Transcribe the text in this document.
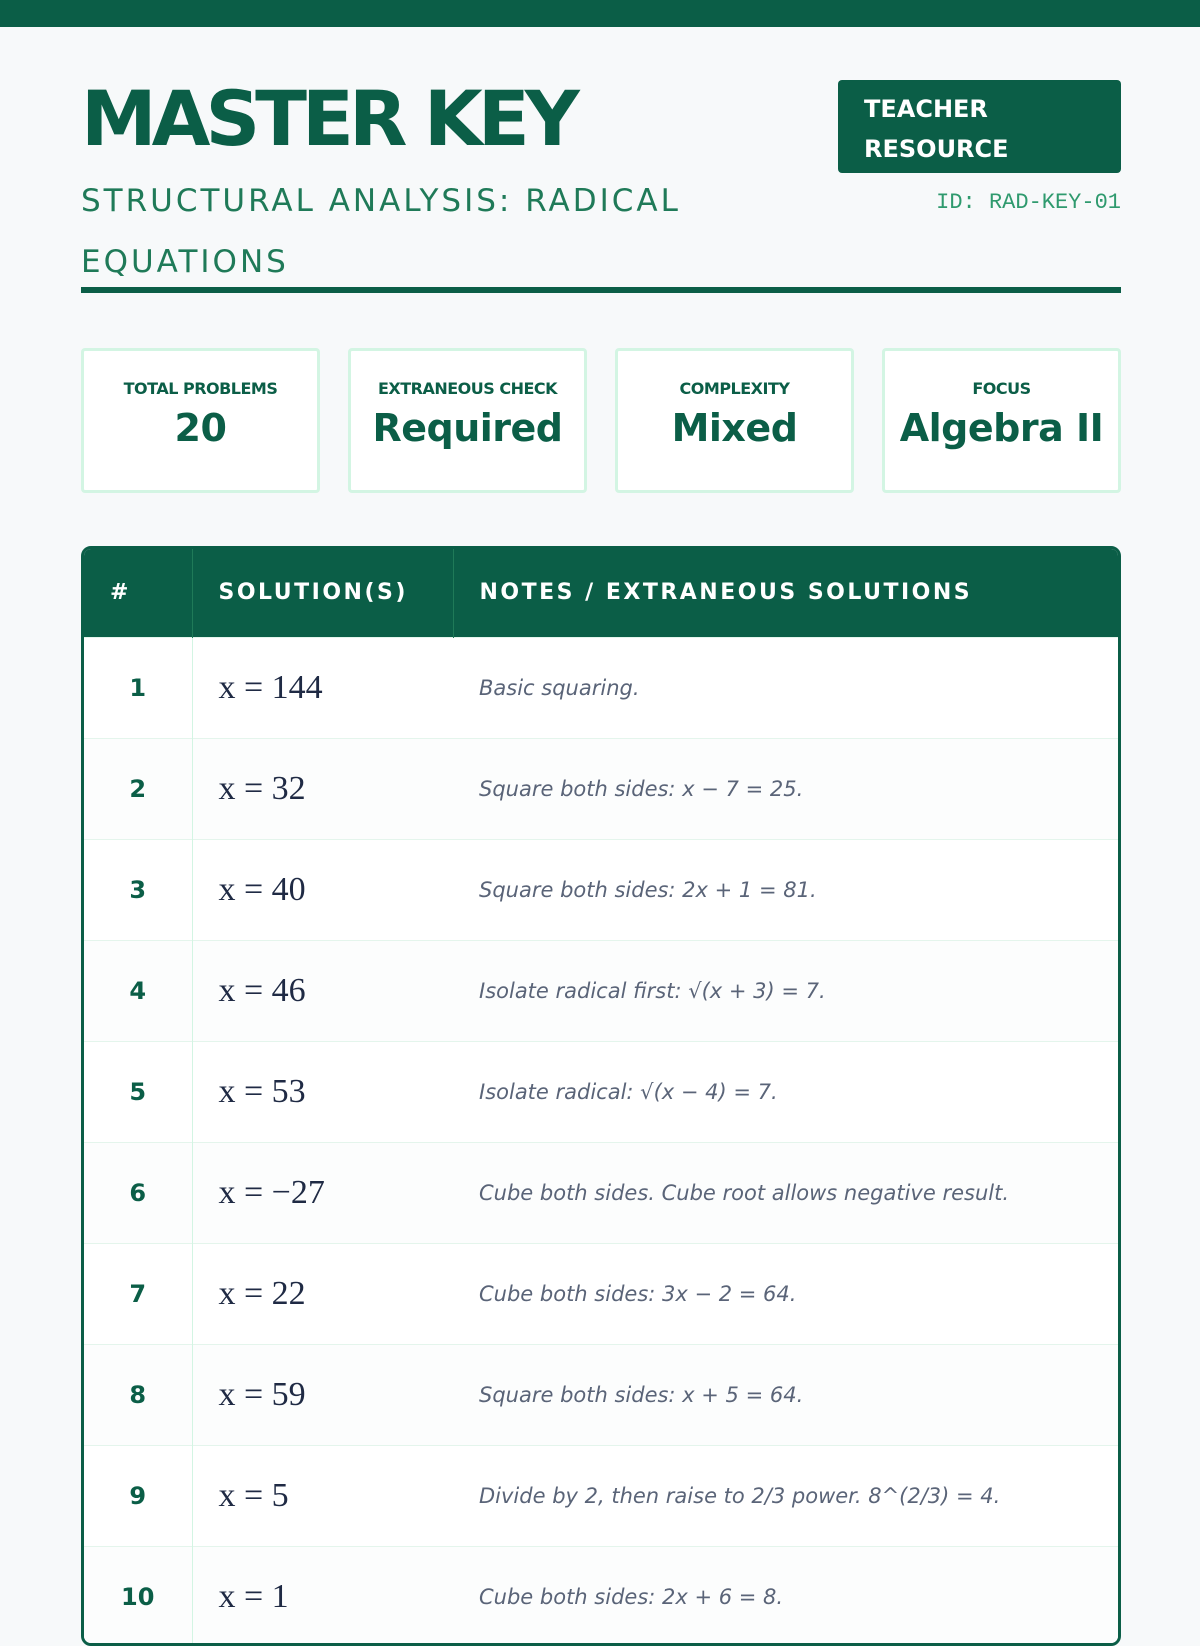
MASTER KEY
STRUCTURAL ANALYSIS: RADICAL EQUATIONS
TEACHER
RESOURCE
ID: RAD-KEY-01
TOTAL PROBLEMS
20
EXTRANEOUS CHECK
Required
COMPLEXITY
Mixed
FOCUS
Algebra II
#	SOLUTION(S)	NOTES / EXTRANEOUS SOLUTIONS
1	x = 144	Basic squaring.
2	x = 32	Square both sides: x − 7 = 25.
3	x = 40	Square both sides: 2x + 1 = 81.
4	x = 46	Isolate radical first: √(x + 3) = 7.
5	x = 53	Isolate radical: √(x − 4) = 7.
6	x = −27	Cube both sides. Cube root allows negative result.
7	x = 22	Cube both sides: 3x − 2 = 64.
8	x = 59	Square both sides: x + 5 = 64.
9	x = 5	Divide by 2, then raise to 2/3 power. 8^(2/3) = 4.
10	x = 1	Cube both sides: 2x + 6 = 8.
